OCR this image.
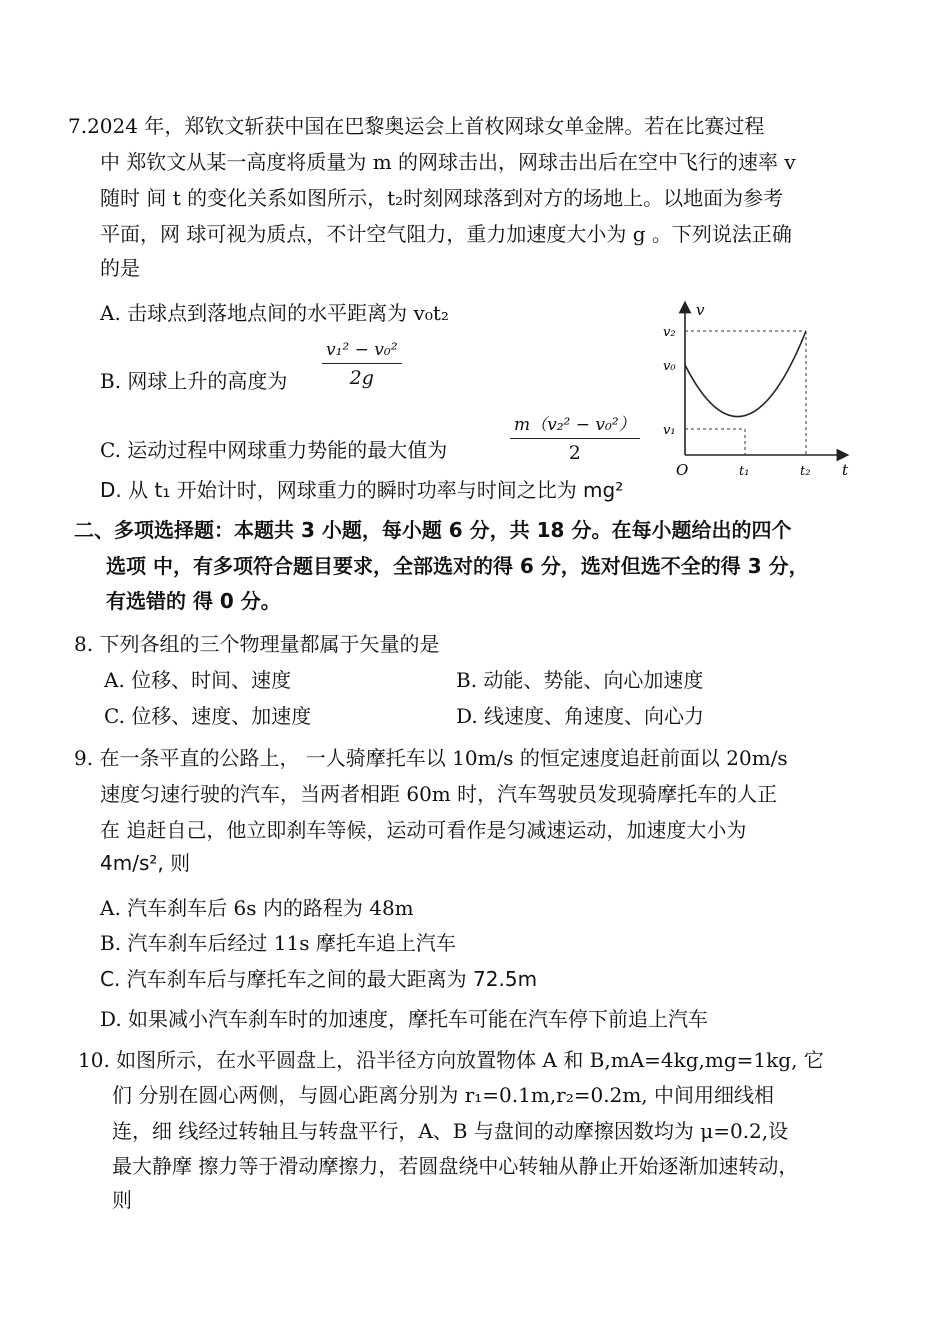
7.2024 年，郑钦文斩获中国在巴黎奥运会上首枚网球女单金牌。若在比赛过程
中 郑钦文从某一高度将质量为 m 的网球击出，网球击出后在空中飞行的速率 v
随时 间 t 的变化关系如图所示，t₂时刻网球落到对方的场地上。以地面为参考
平面，网 球可视为质点，不计空气阻力，重力加速度大小为 g 。下列说法正确
的是
A. 击球点到落地点间的水平距离为 v₀t₂
B. 网球上升的高度为 $\frac{\text{v₁² − v₀²}}{2g}$
C. 运动过程中网球重力势能的最大值为	$\frac{\text{m（v₂² − v₀²）}}{2}$
D. 从 t₁ 开始计时，网球重力的瞬时功率与时间之比为 mg²
v
t
O
v₂
v₀
v₁
t₁	t₂
二、多项选择题：本题共 3 小题，每小题 6 分，共 18 分。在每小题给出的四个
选项 中，有多项符合题目要求，全部选对的得 6 分，选对但选不全的得 3 分，
有选错的 得 0 分。
8. 下列各组的三个物理量都属于矢量的是
A. 位移、时间、速度	B. 动能、势能、向心加速度
C. 位移、速度、加速度	D. 线速度、角速度、向心力
9. 在一条平直的公路上， 一人骑摩托车以 10m/s 的恒定速度追赶前面以 20m/s
速度匀速行驶的汽车，当两者相距 60m 时，汽车驾驶员发现骑摩托车的人正
在 追赶自己，他立即刹车等候，运动可看作是匀减速运动，加速度大小为
4m/s², 则
A. 汽车刹车后 6s 内的路程为 48m
B. 汽车刹车后经过 11s 摩托车追上汽车
C. 汽车刹车后与摩托车之间的最大距离为 72.5m
D. 如果减小汽车刹车时的加速度，摩托车可能在汽车停下前追上汽车
10. 如图所示，在水平圆盘上，沿半径方向放置物体 A 和 B,mA=4kg,mg=1kg, 它
们 分别在圆心两侧，与圆心距离分别为 r₁=0.1m,r₂=0.2m, 中间用细线相
连，细 线经过转轴且与转盘平行，A、B 与盘间的动摩擦因数均为 μ=0.2,设
最大静摩 擦力等于滑动摩擦力，若圆盘绕中心转轴从静止开始逐渐加速转动，
则
